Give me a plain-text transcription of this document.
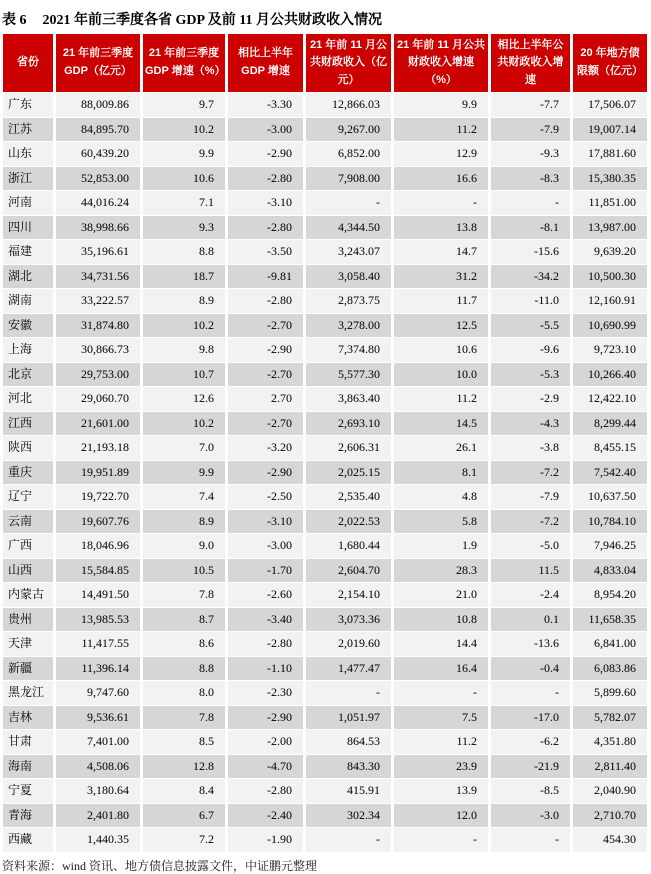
表 6 2021 年前三季度各省 GDP 及前 11 月公共财政收入情况
省份	21 年前三季度 GDP（亿元）	21 年前三季度 GDP 增速（%）	相比上半年 GDP 增速	21 年前 11 月公共财政收入（亿元）	21 年前 11 月公共财政收入增速（%）	相比上半年公共财政收入增速	20 年地方债限额（亿元）
广东	88,009.86	9.7	-3.30	12,866.03	9.9	-7.7	17,506.07
江苏	84,895.70	10.2	-3.00	9,267.00	11.2	-7.9	19,007.14
山东	60,439.20	9.9	-2.90	6,852.00	12.9	-9.3	17,881.60
浙江	52,853.00	10.6	-2.80	7,908.00	16.6	-8.3	15,380.35
河南	44,016.24	7.1	-3.10	-	-	-	11,851.00
四川	38,998.66	9.3	-2.80	4,344.50	13.8	-8.1	13,987.00
福建	35,196.61	8.8	-3.50	3,243.07	14.7	-15.6	9,639.20
湖北	34,731.56	18.7	-9.81	3,058.40	31.2	-34.2	10,500.30
湖南	33,222.57	8.9	-2.80	2,873.75	11.7	-11.0	12,160.91
安徽	31,874.80	10.2	-2.70	3,278.00	12.5	-5.5	10,690.99
上海	30,866.73	9.8	-2.90	7,374.80	10.6	-9.6	9,723.10
北京	29,753.00	10.7	-2.70	5,577.30	10.0	-5.3	10,266.40
河北	29,060.70	12.6	2.70	3,863.40	11.2	-2.9	12,422.10
江西	21,601.00	10.2	-2.70	2,693.10	14.5	-4.3	8,299.44
陕西	21,193.18	7.0	-3.20	2,606.31	26.1	-3.8	8,455.15
重庆	19,951.89	9.9	-2.90	2,025.15	8.1	-7.2	7,542.40
辽宁	19,722.70	7.4	-2.50	2,535.40	4.8	-7.9	10,637.50
云南	19,607.76	8.9	-3.10	2,022.53	5.8	-7.2	10,784.10
广西	18,046.96	9.0	-3.00	1,680.44	1.9	-5.0	7,946.25
山西	15,584.85	10.5	-1.70	2,604.70	28.3	11.5	4,833.04
内蒙古	14,491.50	7.8	-2.60	2,154.10	21.0	-2.4	8,954.20
贵州	13,985.53	8.7	-3.40	3,073.36	10.8	0.1	11,658.35
天津	11,417.55	8.6	-2.80	2,019.60	14.4	-13.6	6,841.00
新疆	11,396.14	8.8	-1.10	1,477.47	16.4	-0.4	6,083.86
黑龙江	9,747.60	8.0	-2.30	-	-	-	5,899.60
吉林	9,536.61	7.8	-2.90	1,051.97	7.5	-17.0	5,782.07
甘肃	7,401.00	8.5	-2.00	864.53	11.2	-6.2	4,351.80
海南	4,508.06	12.8	-4.70	843.30	23.9	-21.9	2,811.40
宁夏	3,180.64	8.4	-2.80	415.91	13.9	-8.5	2,040.90
青海	2,401.80	6.7	-2.40	302.34	12.0	-3.0	2,710.70
西藏	1,440.35	7.2	-1.90	-	-	-	454.30
资料来源：wind 资讯、地方债信息披露文件，中证鹏元整理
